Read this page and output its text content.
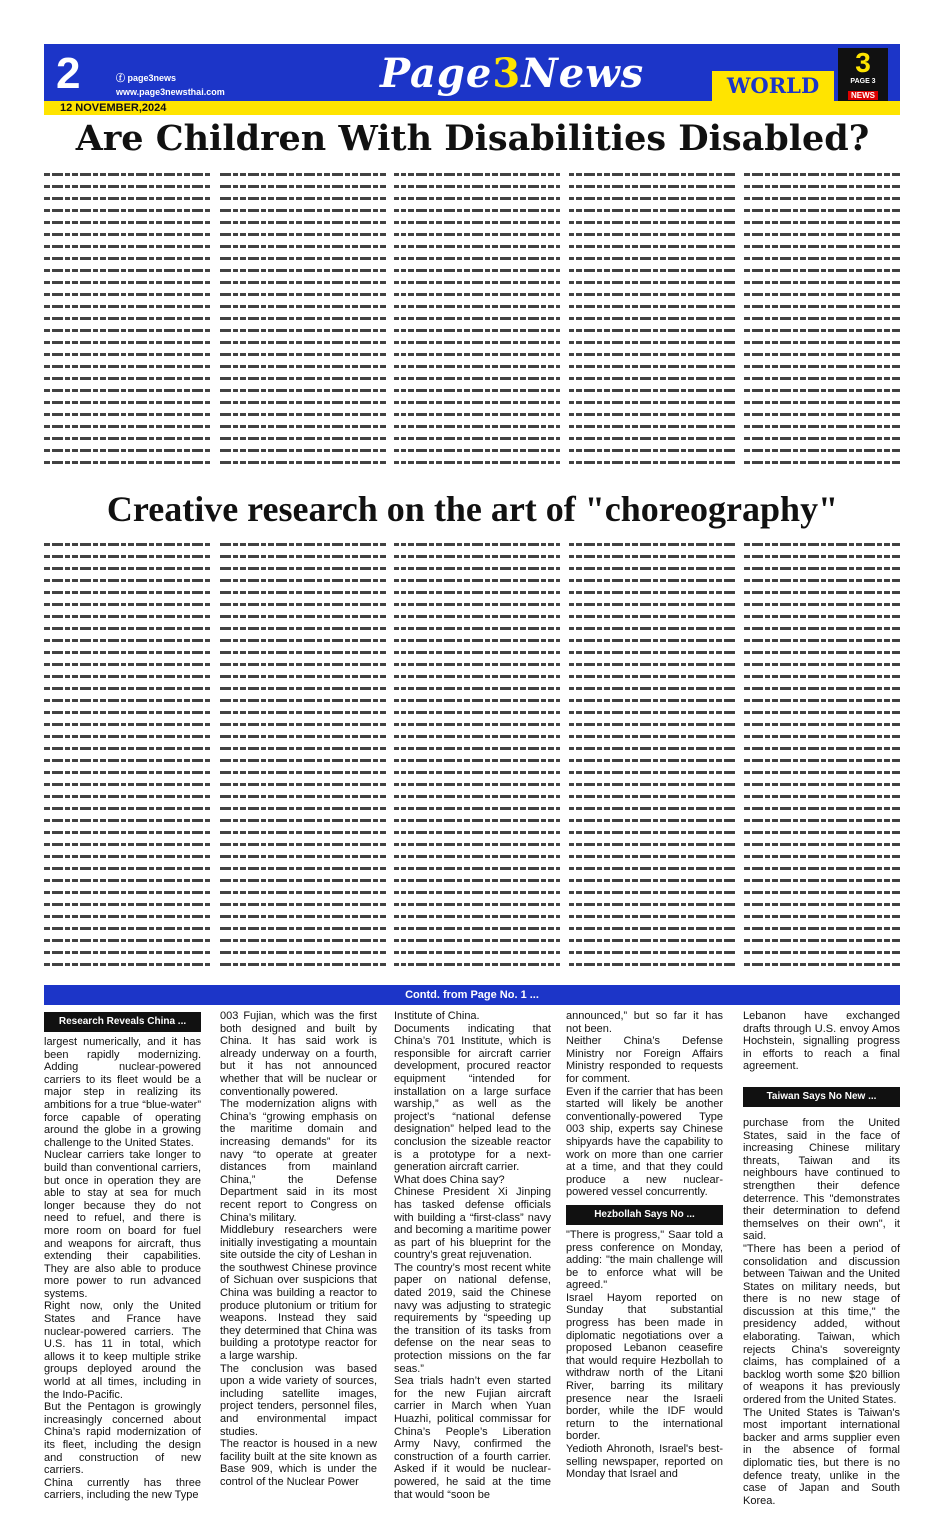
2	ⓕ page3news
www.page3newsthai.com	Page3News	WORLD
3
PAGE 3
NEWS
12 NOVEMBER,2024
Are Children With Disabilities Disabled?
Creative research on the art of "choreography"
Contd. from Page No. 1 ...
Research Reveals China ...

largest numerically, and it has been rapidly modernizing. Adding nuclear-powered carriers to its fleet would be a major step in realizing its ambitions for a true “blue-water” force capable of operating around the globe in a growing challenge to the United States.

Nuclear carriers take longer to build than conventional carriers, but once in operation they are able to stay at sea for much longer because they do not need to refuel, and there is more room on board for fuel and weapons for aircraft, thus extending their capabilities. They are also able to produce more power to run advanced systems.

Right now, only the United States and France have nuclear-powered carriers. The U.S. has 11 in total, which allows it to keep multiple strike groups deployed around the world at all times, including in the Indo-Pacific.

But the Pentagon is growingly increasingly concerned about China’s rapid modernization of its fleet, including the design and construction of new carriers.

China currently has three carriers, including the new Type

003 Fujian, which was the first both designed and built by China. It has said work is already underway on a fourth, but it has not announced whether that will be nuclear or conventionally powered.

The modernization aligns with China’s “growing emphasis on the maritime domain and increasing demands” for its navy “to operate at greater distances from mainland China,” the Defense Department said in its most recent report to Congress on China’s military.

Middlebury researchers were initially investigating a mountain site outside the city of Leshan in the southwest Chinese province of Sichuan over suspicions that China was building a reactor to produce plutonium or tritium for weapons. Instead they said they determined that China was building a prototype reactor for a large warship.

The conclusion was based upon a wide variety of sources, including satellite images, project tenders, personnel files, and environmental impact studies.

The reactor is housed in a new facility built at the site known as Base 909, which is under the control of the Nuclear Power

Institute of China.

Documents indicating that China’s 701 Institute, which is responsible for aircraft carrier development, procured reactor equipment “intended for installation on a large surface warship,” as well as the project’s “national defense designation” helped lead to the conclusion the sizeable reactor is a prototype for a next-generation aircraft carrier.

What does China say?

Chinese President Xi Jinping has tasked defense officials with building a “first-class” navy and becoming a maritime power as part of his blueprint for the country’s great rejuvenation.

The country’s most recent white paper on national defense, dated 2019, said the Chinese navy was adjusting to strategic requirements by “speeding up the transition of its tasks from defense on the near seas to protection missions on the far seas.”

Sea trials hadn’t even started for the new Fujian aircraft carrier in March when Yuan Huazhi, political commissar for China’s People’s Liberation Army Navy, confirmed the construction of a fourth carrier. Asked if it would be nuclear-powered, he said at the time that would “soon be

announced,” but so far it has not been.

Neither China’s Defense Ministry nor Foreign Affairs Ministry responded to requests for comment.

Even if the carrier that has been started will likely be another conventionally-powered Type 003 ship, experts say Chinese shipyards have the capability to work on more than one carrier at a time, and that they could produce a new nuclear-powered vessel concurrently.

Hezbollah Says No ...

"There is progress," Saar told a press conference on Monday, adding: "the main challenge will be to enforce what will be agreed."

Israel Hayom reported on Sunday that substantial progress has been made in diplomatic negotiations over a proposed Lebanon ceasefire that would require Hezbollah to withdraw north of the Litani River, barring its military presence near the Israeli border, while the IDF would return to the international border.

Yedioth Ahronoth, Israel's best-selling newspaper, reported on Monday that Israel and

Lebanon have exchanged drafts through U.S. envoy Amos Hochstein, signalling progress in efforts to reach a final agreement.

Taiwan Says No New ...

purchase from the United States, said in the face of increasing Chinese military threats, Taiwan and its neighbours have continued to strengthen their defence deterrence. This "demonstrates their determination to defend themselves on their own", it said.

"There has been a period of consolidation and discussion between Taiwan and the United States on military needs, but there is no new stage of discussion at this time," the presidency added, without elaborating. Taiwan, which rejects China's sovereignty claims, has complained of a backlog worth some $20 billion of weapons it has previously ordered from the United States.

The United States is Taiwan's most important international backer and arms supplier even in the absence of formal diplomatic ties, but there is no defence treaty, unlike in the case of Japan and South Korea.
